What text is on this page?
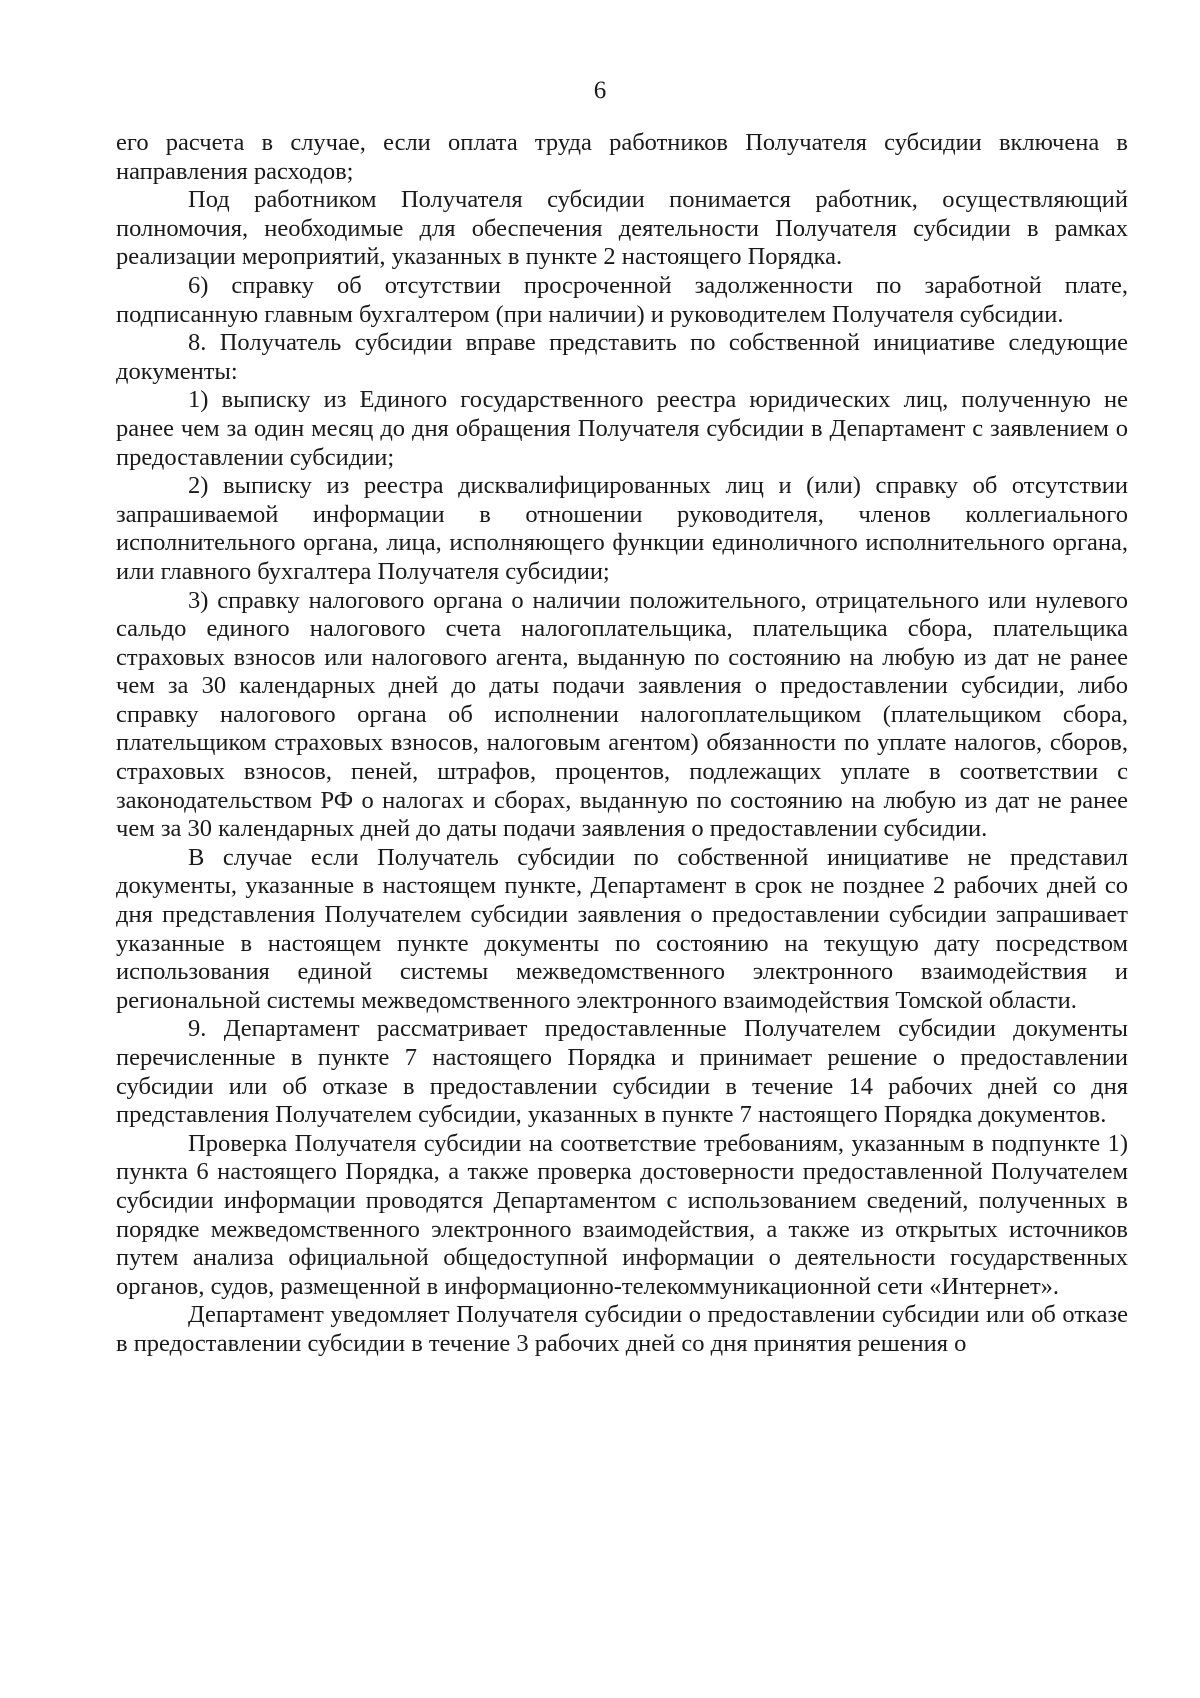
6

его расчета в случае, если оплата труда работников Получателя субсидии включена в направления расходов;

Под работником Получателя субсидии понимается работник, осуществляющий полномочия, необходимые для обеспечения деятельности Получателя субсидии в рамках реализации мероприятий, указанных в пункте 2 настоящего Порядка.

6) справку об отсутствии просроченной задолженности по заработной плате, подписанную главным бухгалтером (при наличии) и руководителем Получателя субсидии.

8. Получатель субсидии вправе представить по собственной инициативе следующие документы:

1) выписку из Единого государственного реестра юридических лиц, полученную не ранее чем за один месяц до дня обращения Получателя субсидии в Департамент с заявлением о предоставлении субсидии;

2) выписку из реестра дисквалифицированных лиц и (или) справку об отсутствии запрашиваемой информации в отношении руководителя, членов коллегиального исполнительного органа, лица, исполняющего функции единоличного исполнительного органа, или главного бухгалтера Получателя субсидии;

3) справку налогового органа о наличии положительного, отрицательного или нулевого сальдо единого налогового счета налогоплательщика, плательщика сбора, плательщика страховых взносов или налогового агента, выданную по состоянию на любую из дат не ранее чем за 30 календарных дней до даты подачи заявления о предоставлении субсидии, либо справку налогового органа об исполнении налогоплательщиком (плательщиком сбора, плательщиком страховых взносов, налоговым агентом) обязанности по уплате налогов, сборов, страховых взносов, пеней, штрафов, процентов, подлежащих уплате в соответствии с законодательством РФ о налогах и сборах, выданную по состоянию на любую из дат не ранее чем за 30 календарных дней до даты подачи заявления о предоставлении субсидии.

В случае если Получатель субсидии по собственной инициативе не представил документы, указанные в настоящем пункте, Департамент в срок не позднее 2 рабочих дней со дня представления Получателем субсидии заявления о предоставлении субсидии запрашивает указанные в настоящем пункте документы по состоянию на текущую дату посредством использования единой системы межведомственного электронного взаимодействия и региональной системы межведомственного электронного взаимодействия Томской области.

9. Департамент рассматривает предоставленные Получателем субсидии документы перечисленные в пункте 7 настоящего Порядка и принимает решение о предоставлении субсидии или об отказе в предоставлении субсидии в течение 14 рабочих дней со дня представления Получателем субсидии, указанных в пункте 7 настоящего Порядка документов.

Проверка Получателя субсидии на соответствие требованиям, указанным в подпункте 1) пункта 6 настоящего Порядка, а также проверка достоверности предоставленной Получателем субсидии информации проводятся Департаментом с использованием сведений, полученных в порядке межведомственного электронного взаимодействия, а также из открытых источников путем анализа официальной общедоступной информации о деятельности государственных органов, судов, размещенной в информационно-телекоммуникационной сети «Интернет».

Департамент уведомляет Получателя субсидии о предоставлении субсидии или об отказе в предоставлении субсидии в течение 3 рабочих дней со дня принятия решения о
